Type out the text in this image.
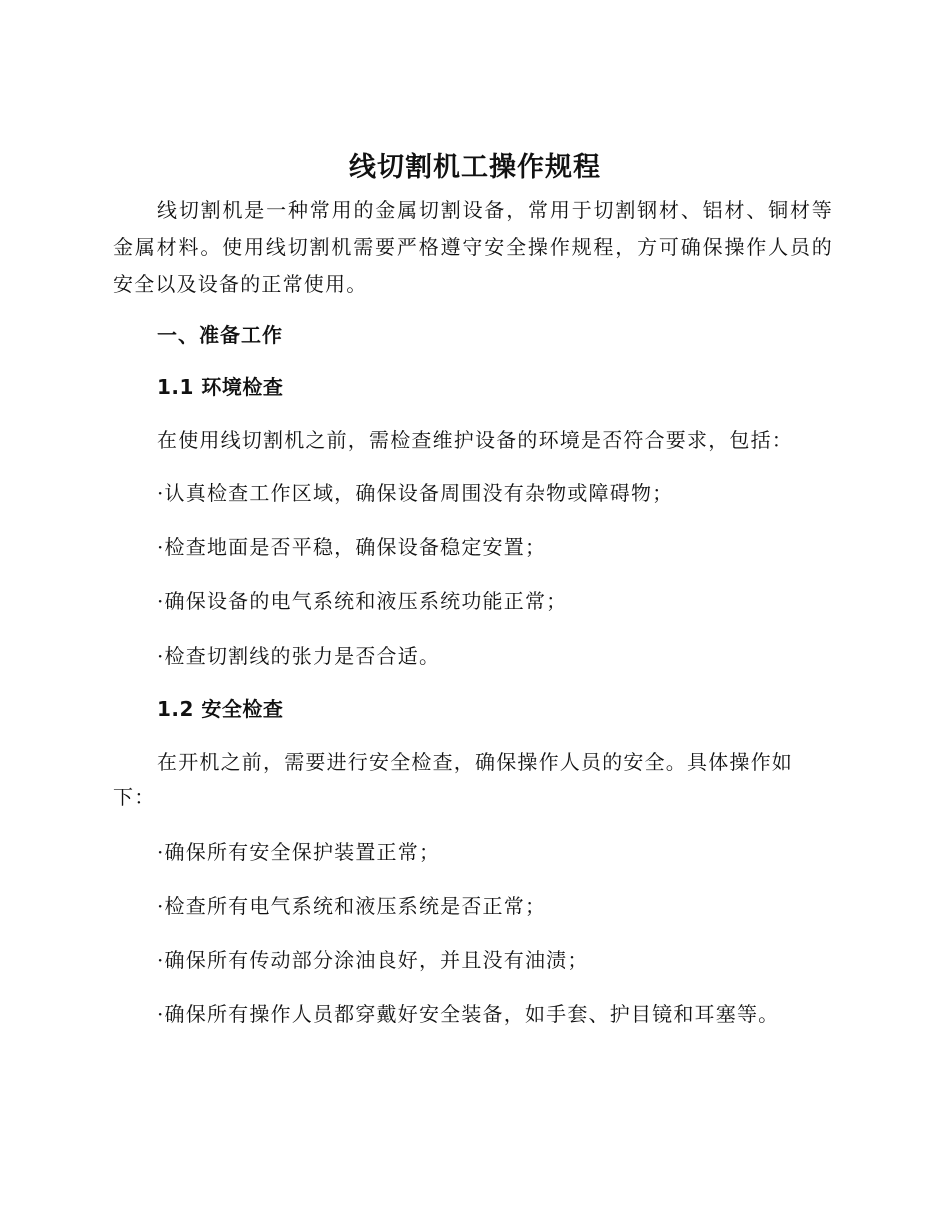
线切割机工操作规程
线切割机是一种常用的金属切割设备，常用于切割钢材、铝材、铜材等金属材料。使用线切割机需要严格遵守安全操作规程，方可确保操作人员的安全以及设备的正常使用。
一、准备工作
1.1 环境检查
在使用线切割机之前，需检查维护设备的环境是否符合要求，包括：
·认真检查工作区域，确保设备周围没有杂物或障碍物；
·检查地面是否平稳，确保设备稳定安置；
·确保设备的电气系统和液压系统功能正常；
·检查切割线的张力是否合适。
1.2 安全检查
在开机之前，需要进行安全检查，确保操作人员的安全。具体操作如下：
·确保所有安全保护装置正常；
·检查所有电气系统和液压系统是否正常；
·确保所有传动部分涂油良好，并且没有油渍；
·确保所有操作人员都穿戴好安全装备，如手套、护目镜和耳塞等。
